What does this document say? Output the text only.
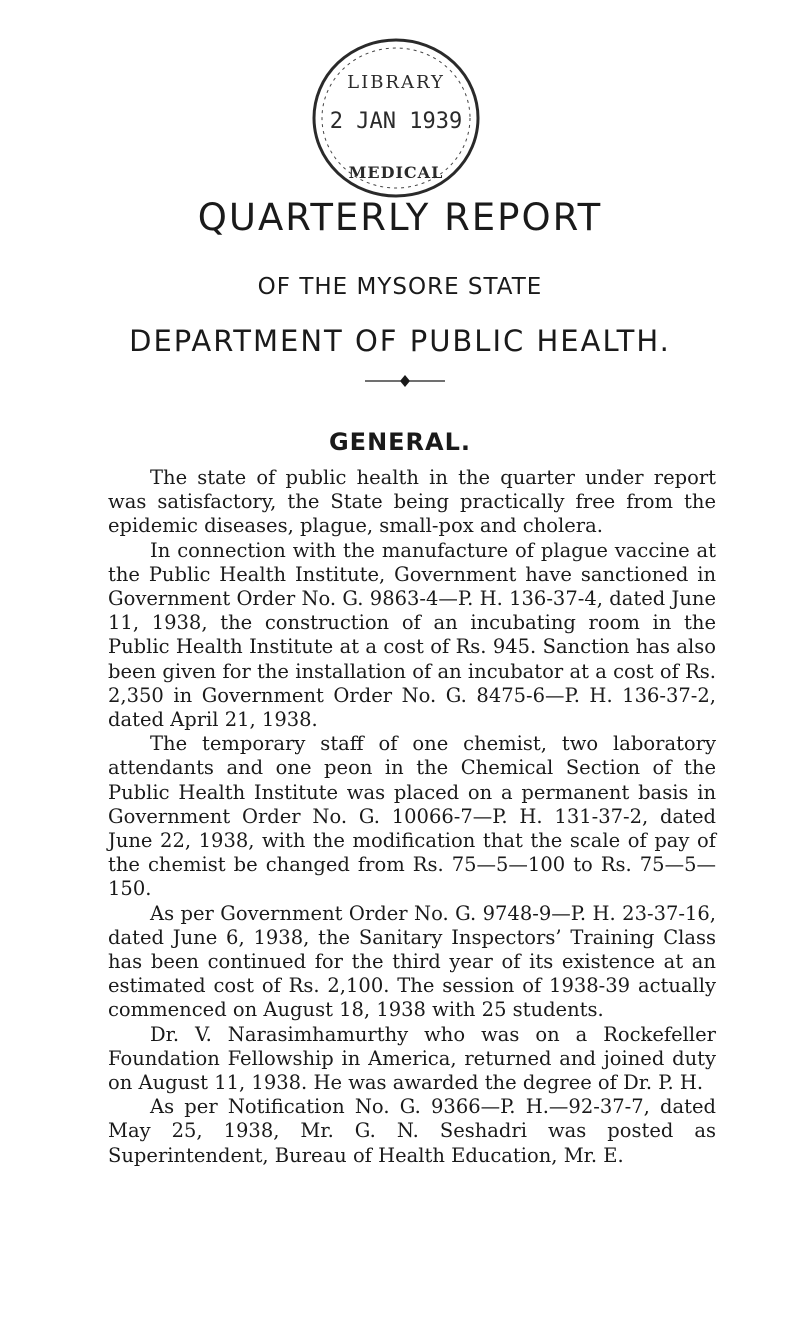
LIBRARY
2 JAN 1939
MEDICAL
QUARTERLY REPORT
OF THE MYSORE STATE
DEPARTMENT OF PUBLIC HEALTH.
GENERAL.

The state of public health in the quarter under report was satisfactory, the State being practically free from the epidemic diseases, plague, small-pox and cholera.

In connection with the manufacture of plague vaccine at the Public Health Institute, Government have sanctioned in Government Order No. G. 9863-4—P. H. 136-37-4, dated June 11, 1938, the construction of an incubating room in the Public Health Institute at a cost of Rs. 945. Sanction has also been given for the installation of an incubator at a cost of Rs. 2,350 in Government Order No. G. 8475-6—P. H. 136-37-2, dated April 21, 1938.

The temporary staff of one chemist, two laboratory attendants and one peon in the Chemical Section of the Public Health Institute was placed on a permanent basis in Government Order No. G. 10066-7—P. H. 131-37-2, dated June 22, 1938, with the modification that the scale of pay of the chemist be changed from Rs. 75—5—100 to Rs. 75—5—150.

As per Government Order No. G. 9748-9—P. H. 23-37-16, dated June 6, 1938, the Sanitary Inspectors’ Training Class has been continued for the third year of its existence at an estimated cost of Rs. 2,100. The session of 1938-39 actually commenced on August 18, 1938 with 25 students.

Dr. V. Narasimhamurthy who was on a Rockefeller Foundation Fellowship in America, returned and joined duty on August 11, 1938. He was awarded the degree of Dr. P. H.

As per Notification No. G. 9366—P. H.—92-37-7, dated May 25, 1938, Mr. G. N. Seshadri was posted as Superintendent, Bureau of Health Education, Mr. E.
